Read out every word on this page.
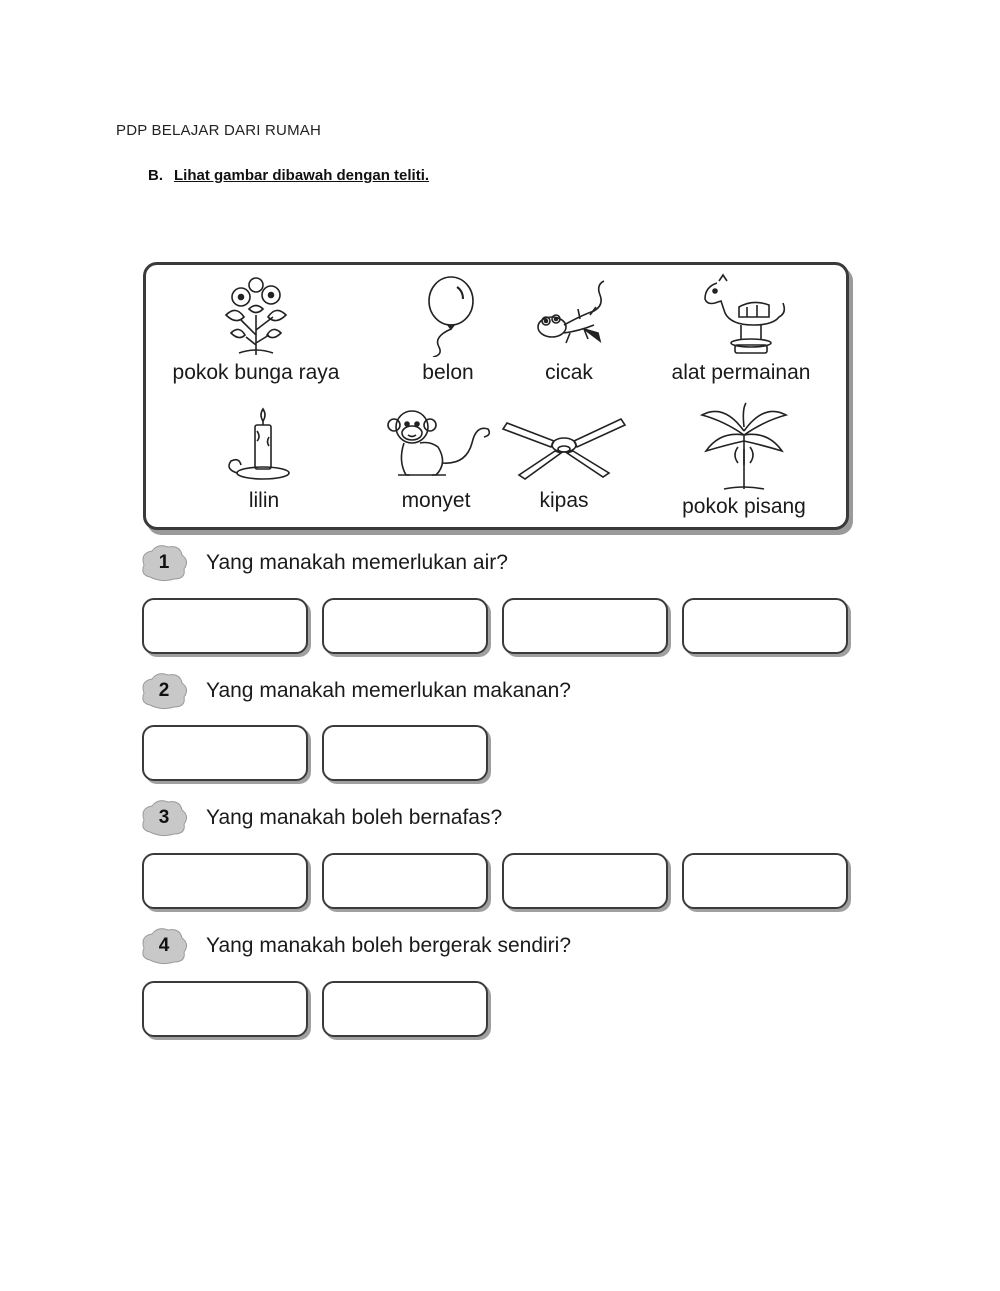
PDP BELAJAR DARI RUMAH
B. Lihat gambar dibawah dengan teliti.
pokok bunga raya	belon	cicak	alat permainan
lilin	monyet	kipas	pokok pisang
1	Yang manakah memerlukan air?
2	Yang manakah memerlukan makanan?
3	Yang manakah boleh bernafas?
4	Yang manakah boleh bergerak sendiri?
